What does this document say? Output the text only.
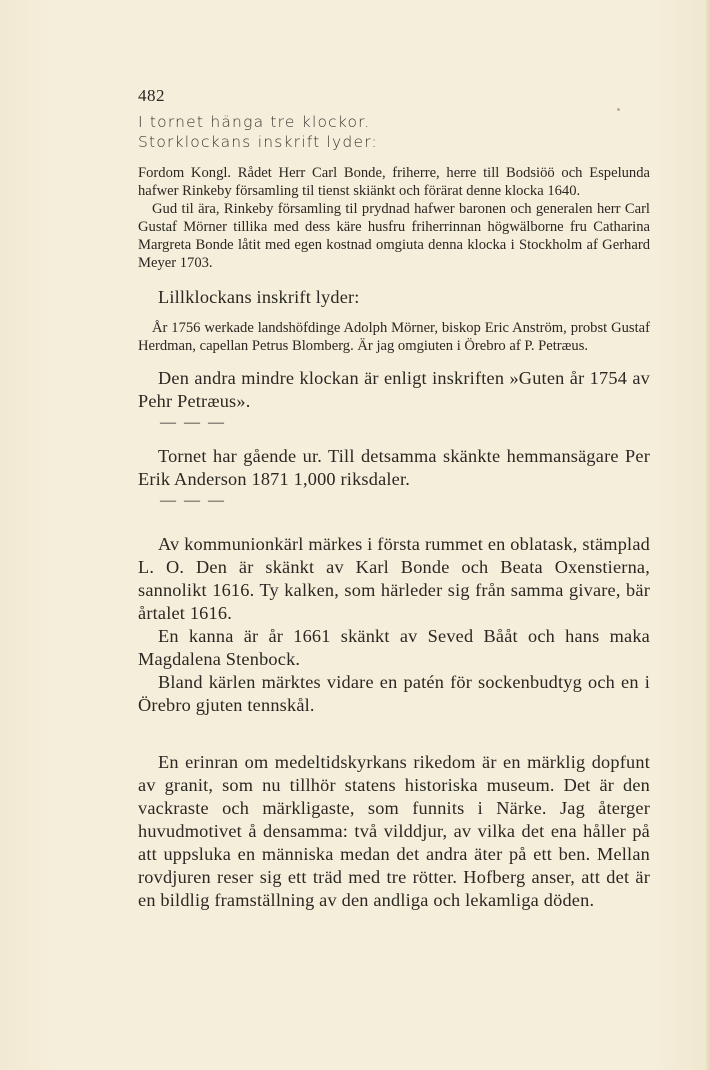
482

I tornet hänga tre klockor.

Storklockans inskrift lyder:

Fordom Kongl. Rådet Herr Carl Bonde, friherre, herre till Bodsiöö och Espelunda hafwer Rinkeby församling til tienst skiänkt och förärat denne klocka 1640.

Gud til ära, Rinkeby församling til prydnad hafwer baronen och generalen herr Carl Gustaf Mörner tillika med dess käre husfru friherrinnan högwälborne fru Catharina Margreta Bonde låtit med egen kostnad omgiuta denna klocka i Stockholm af Gerhard Meyer 1703.

Lillklockans inskrift lyder:

År 1756 werkade landshöfdinge Adolph Mörner, biskop Eric Anström, probst Gustaf Herdman, capellan Petrus Blomberg. Är jag omgiuten i Örebro af P. Petræus.

Den andra mindre klockan är enligt inskriften »Guten år 1754 av Pehr Petræus».

— — —

Tornet har gående ur. Till detsamma skänkte hemmansägare Per Erik Anderson 1871 1,000 riksdaler.

— — —

Av kommunionkärl märkes i första rummet en oblatask, stämplad L. O. Den är skänkt av Karl Bonde och Beata Oxenstierna, sannolikt 1616. Ty kalken, som härleder sig från samma givare, bär årtalet 1616.

En kanna är år 1661 skänkt av Seved Bååt och hans maka Magdalena Stenbock.

Bland kärlen märktes vidare en patén för sockenbudtyg och en i Örebro gjuten tennskål.

En erinran om medeltidskyrkans rikedom är en märklig dopfunt av granit, som nu tillhör statens historiska museum. Det är den vackraste och märkligaste, som funnits i Närke. Jag återger huvudmotivet å densamma: två vilddjur, av vilka det ena håller på att uppsluka en människa medan det andra äter på ett ben. Mellan rovdjuren reser sig ett träd med tre rötter. Hofberg anser, att det är en bildlig framställning av den andliga och lekamliga döden.
